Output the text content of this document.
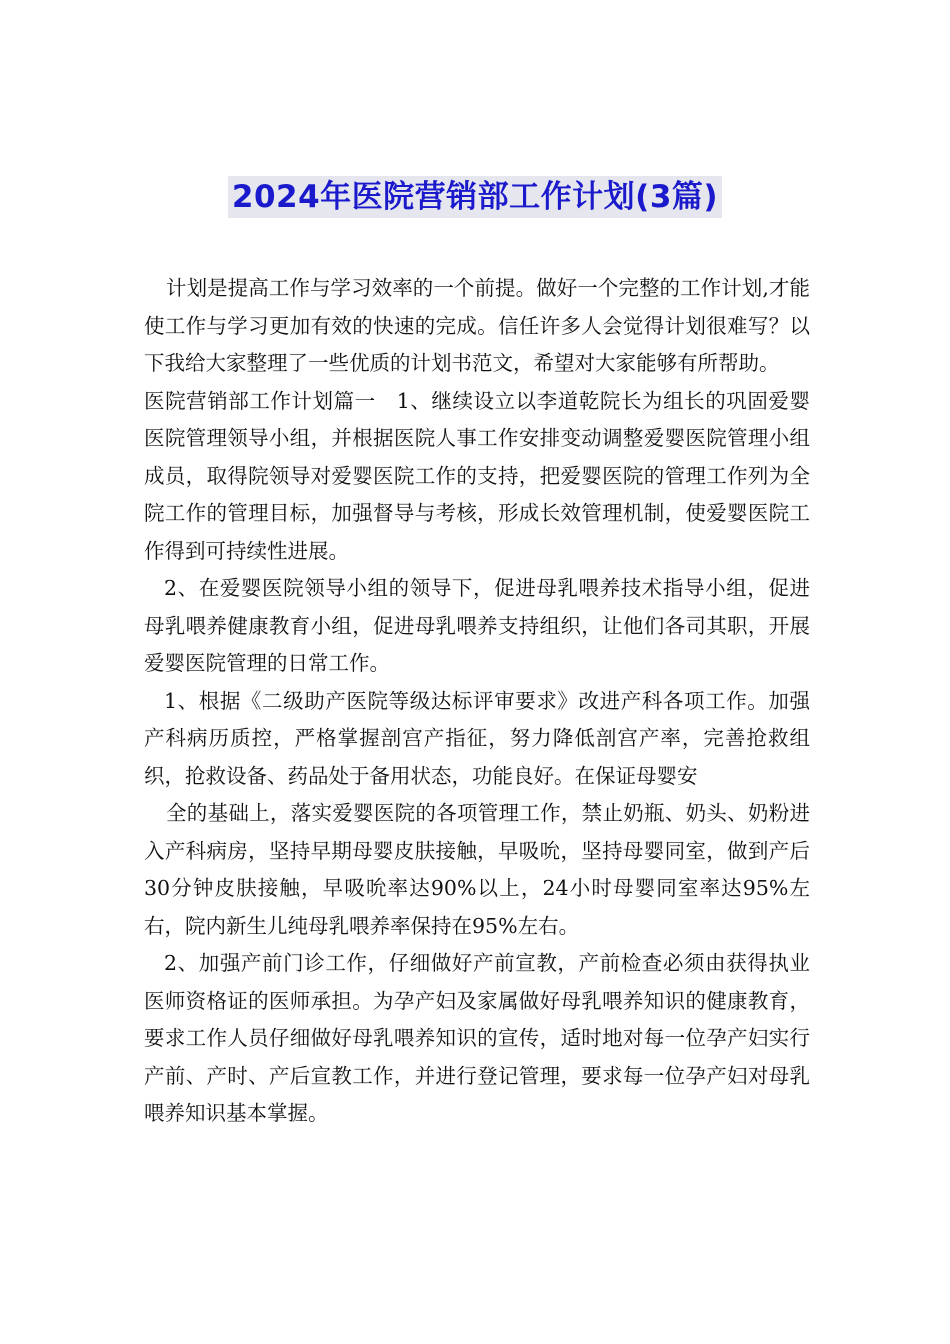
2024年医院营销部工作计划(3篇)

计划是提高工作与学习效率的一个前提。做好一个完整的工作计划,才能使工作与学习更加有效的快速的完成。信任许多人会觉得计划很难写？以下我给大家整理了一些优质的计划书范文，希望对大家能够有所帮助。

医院营销部工作计划篇一　1、继续设立以李道乾院长为组长的巩固爱婴医院管理领导小组，并根据医院人事工作安排变动调整爱婴医院管理小组成员，取得院领导对爱婴医院工作的支持，把爱婴医院的管理工作列为全院工作的管理目标，加强督导与考核，形成长效管理机制，使爱婴医院工作得到可持续性进展。

2、在爱婴医院领导小组的领导下，促进母乳喂养技术指导小组，促进母乳喂养健康教育小组，促进母乳喂养支持组织，让他们各司其职，开展爱婴医院管理的日常工作。

1、根据《二级助产医院等级达标评审要求》改进产科各项工作。加强产科病历质控，严格掌握剖宫产指征，努力降低剖宫产率，完善抢救组织，抢救设备、药品处于备用状态，功能良好。在保证母婴安

全的基础上，落实爱婴医院的各项管理工作，禁止奶瓶、奶头、奶粉进入产科病房，坚持早期母婴皮肤接触，早吸吮，坚持母婴同室，做到产后30分钟皮肤接触，早吸吮率达90%以上，24小时母婴同室率达95%左右，院内新生儿纯母乳喂养率保持在95%左右。

2、加强产前门诊工作，仔细做好产前宣教，产前检查必须由获得执业医师资格证的医师承担。为孕产妇及家属做好母乳喂养知识的健康教育，要求工作人员仔细做好母乳喂养知识的宣传，适时地对每一位孕产妇实行产前、产时、产后宣教工作，并进行登记管理，要求每一位孕产妇对母乳喂养知识基本掌握。
